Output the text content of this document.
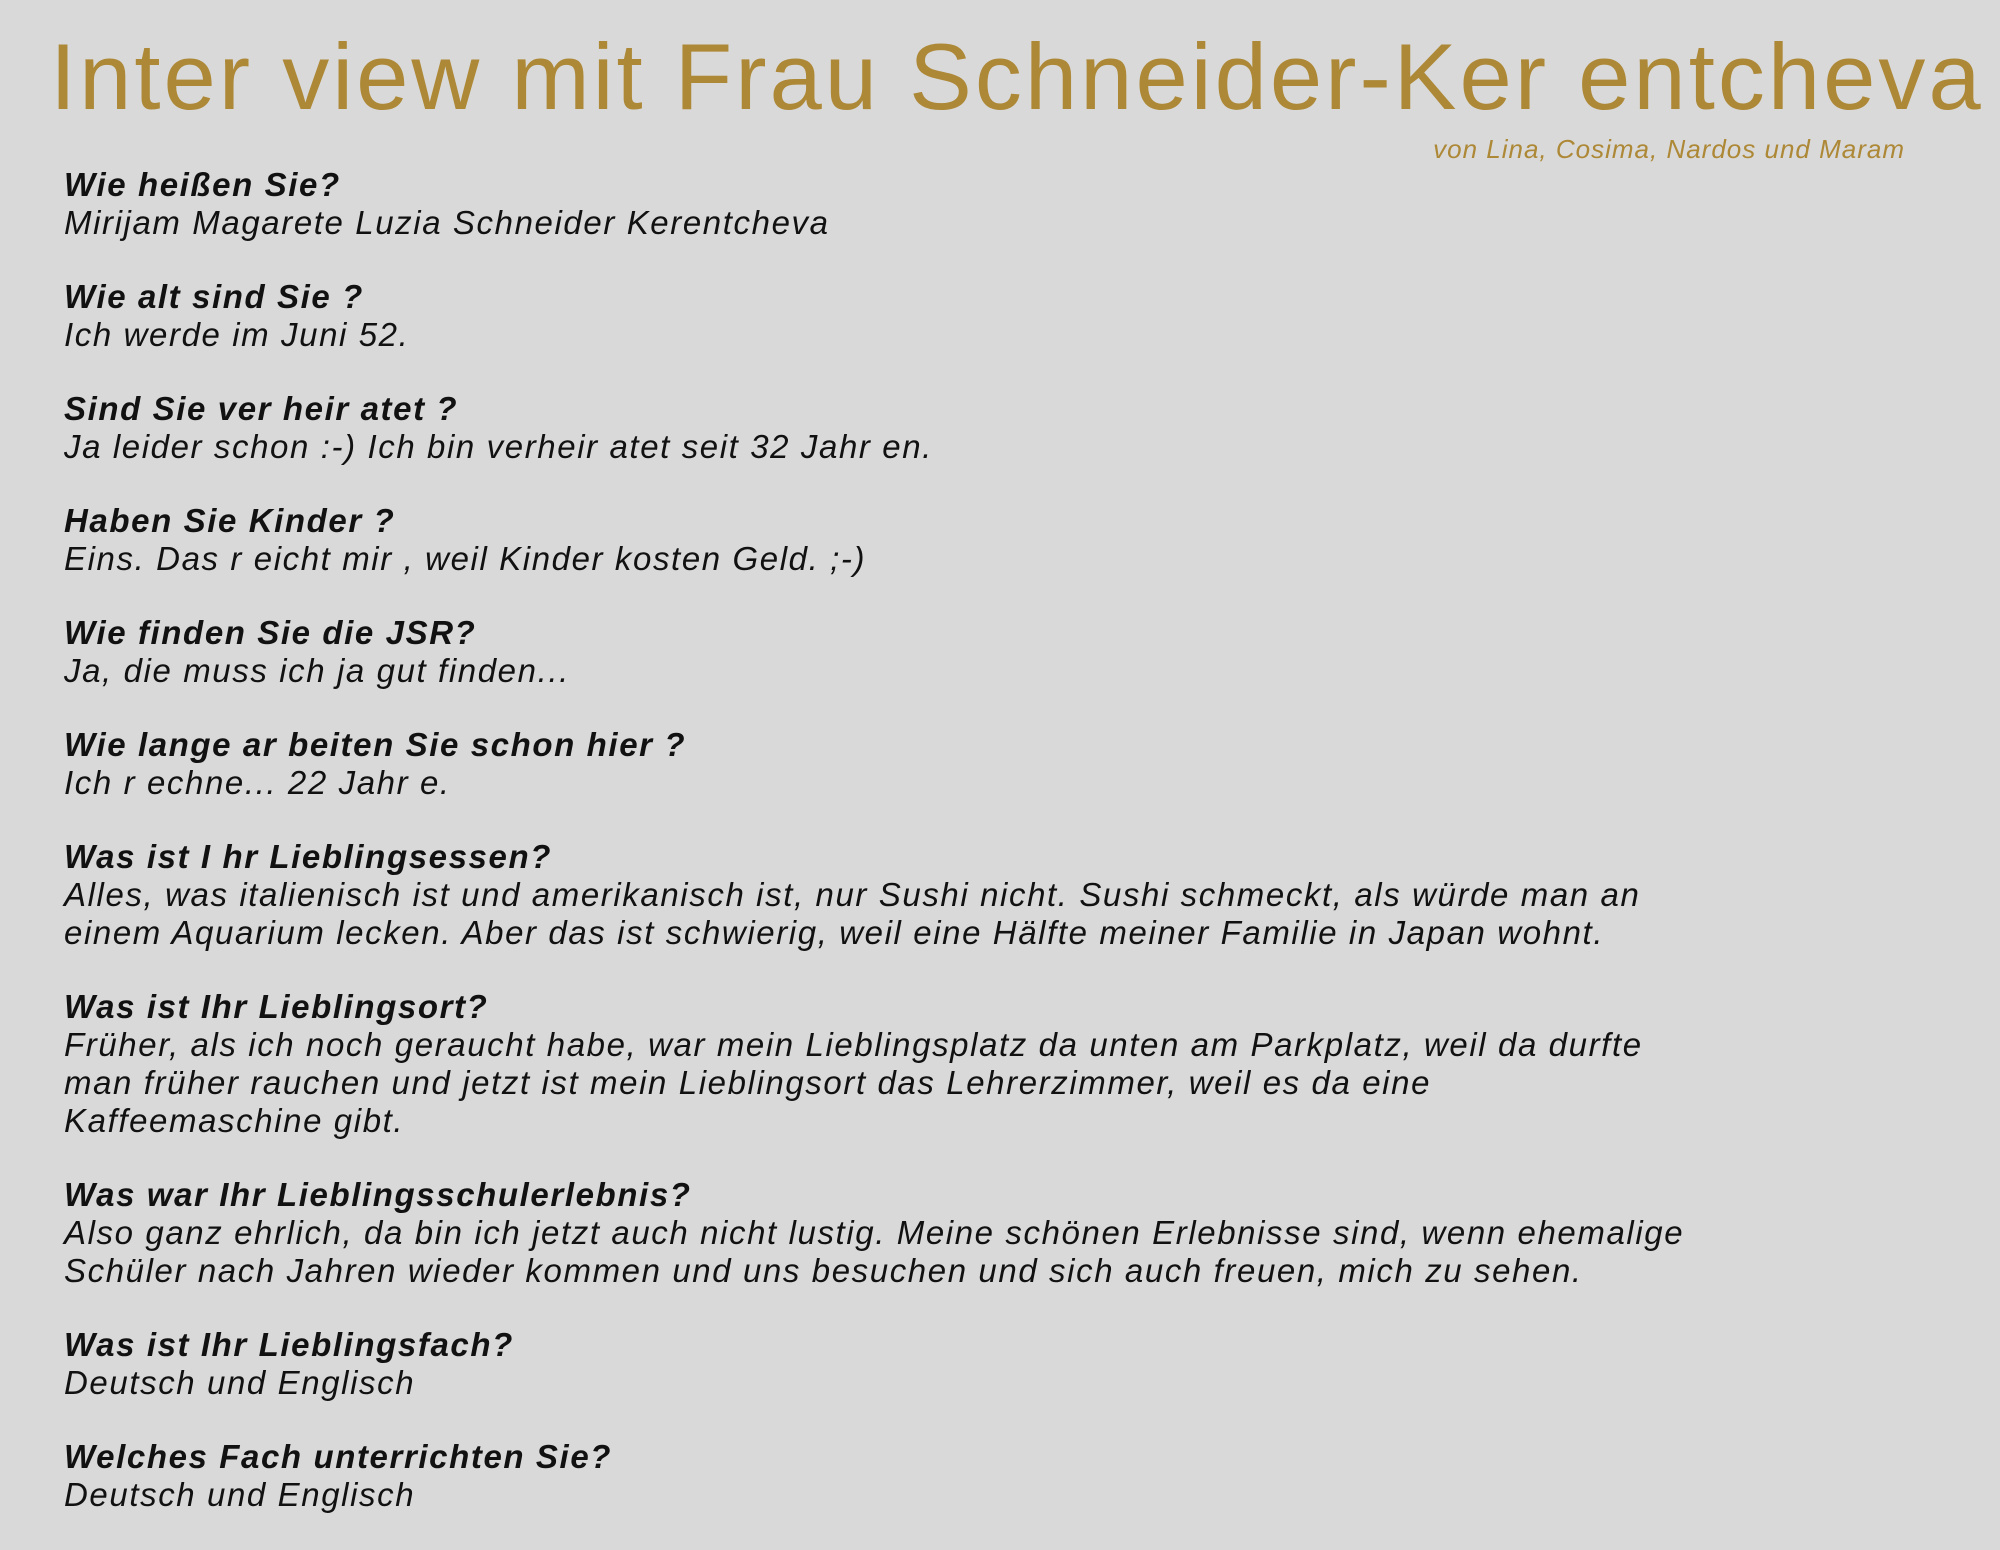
Inter view mit Frau Schneider-Ker entcheva
von Lina, Cosima, Nardos und Maram

Wie heißen Sie?

Mirijam Magarete Luzia Schneider Kerentcheva

Wie alt sind Sie ?

Ich werde im Juni 52.

Sind Sie ver heir atet ?

Ja leider schon :-) Ich bin verheir atet seit 32 Jahr en.

Haben Sie Kinder ?

Eins. Das r eicht mir , weil Kinder kosten Geld. ;-)

Wie finden Sie die JSR?

Ja, die muss ich ja gut finden...

Wie lange ar beiten Sie schon hier ?

Ich r echne... 22 Jahr e.

Was ist I hr Lieblingsessen?

Alles, was italienisch ist und amerikanisch ist, nur Sushi nicht. Sushi schmeckt, als würde man an

einem Aquarium lecken. Aber das ist schwierig, weil eine Hälfte meiner Familie in Japan wohnt.

Was ist Ihr Lieblingsort?

Früher, als ich noch geraucht habe, war mein Lieblingsplatz da unten am Parkplatz, weil da durfte

man früher rauchen und jetzt ist mein Lieblingsort das Lehrerzimmer, weil es da eine

Kaffeemaschine gibt.

Was war Ihr Lieblingsschulerlebnis?

Also ganz ehrlich, da bin ich jetzt auch nicht lustig. Meine schönen Erlebnisse sind, wenn ehemalige

Schüler nach Jahren wieder kommen und uns besuchen und sich auch freuen, mich zu sehen.

Was ist Ihr Lieblingsfach?

Deutsch und Englisch

Welches Fach unterrichten Sie?

Deutsch und Englisch
